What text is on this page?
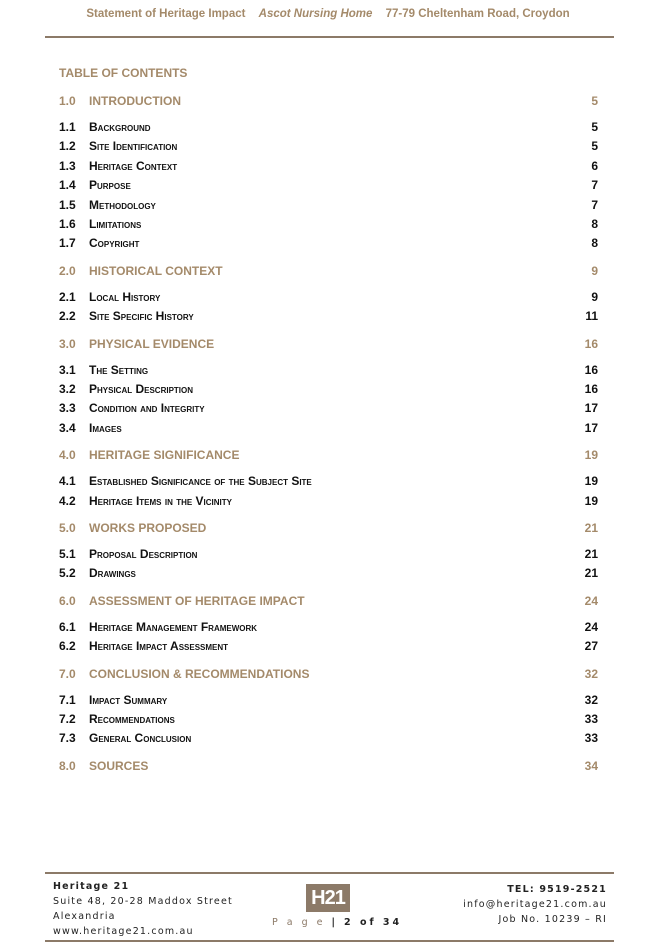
Statement of Heritage Impact Ascot Nursing Home 77-79 Cheltenham Road, Croydon
TABLE OF CONTENTS
1.0	INTRODUCTION	5
1.1	Background	5
1.2	Site Identification	5
1.3	Heritage Context	6
1.4	Purpose	7
1.5	Methodology	7
1.6	Limitations	8
1.7	Copyright	8
2.0	HISTORICAL CONTEXT	9
2.1	Local History	9
2.2	Site Specific History	11
3.0	PHYSICAL EVIDENCE	16
3.1	The Setting	16
3.2	Physical Description	16
3.3	Condition and Integrity	17
3.4	Images	17
4.0	HERITAGE SIGNIFICANCE	19
4.1	Established Significance of the Subject Site	19
4.2	Heritage Items in the Vicinity	19
5.0	WORKS PROPOSED	21
5.1	Proposal Description	21
5.2	Drawings	21
6.0	ASSESSMENT OF HERITAGE IMPACT	24
6.1	Heritage Management Framework	24
6.2	Heritage Impact Assessment	27
7.0	CONCLUSION & RECOMMENDATIONS	32
7.1	Impact Summary	32
7.2	Recommendations	33
7.3	General Conclusion	33
8.0	SOURCES	34
Heritage 21
Suite 48, 20-28 Maddox Street
Alexandria
www.heritage21.com.au
H21
P a g e | 2 of 34
TEL: 9519-2521
info@heritage21.com.au
Job No. 10239 – RI
